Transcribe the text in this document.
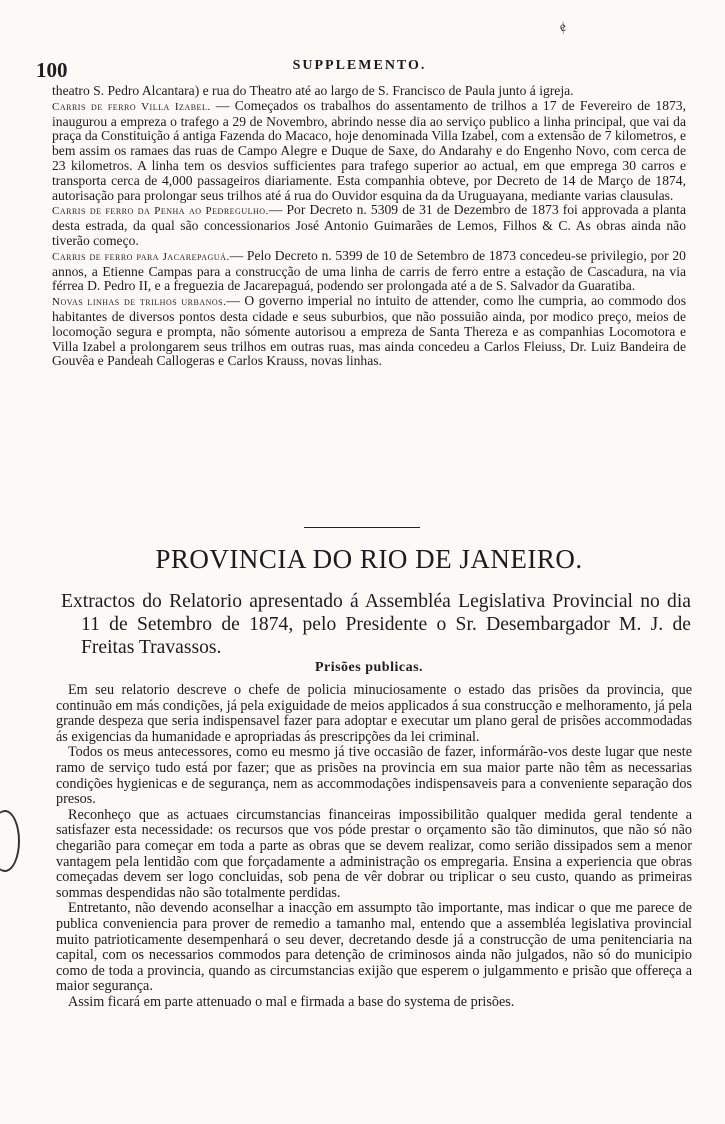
ɇ
100	SUPPLEMENTO.

theatro S. Pedro Alcantara) e rua do Theatro até ao largo de S. Francisco de Paula junto á igreja.

Carris de ferro Villa Izabel. — Começados os trabalhos do assentamento de trilhos a 17 de Fevereiro de 1873, inaugurou a empreza o trafego a 29 de Novembro, abrindo nesse dia ao serviço publico a linha principal, que vai da praça da Constituição á antiga Fazenda do Macaco, hoje denominada Villa Izabel, com a extensão de 7 kilometros, e bem assim os ramaes das ruas de Campo Alegre e Duque de Saxe, do Andarahy e do Engenho Novo, com cerca de 23 kilometros. A linha tem os desvios sufficientes para trafego superior ao actual, em que emprega 30 carros e transporta cerca de 4,000 passageiros diariamente. Esta companhia obteve, por Decreto de 14 de Março de 1874, autorisação para prolongar seus trilhos até á rua do Ouvidor esquina da da Uruguayana, mediante varias clausulas.

Carris de ferro da Penha ao Pedregulho.— Por Decreto n. 5309 de 31 de Dezembro de 1873 foi approvada a planta desta estrada, da qual são concessionarios José Antonio Guimarães de Lemos, Filhos & C. As obras ainda não tiverão começo.

Carris de ferro para Jacarepaguá.— Pelo Decreto n. 5399 de 10 de Setembro de 1873 concedeu-se privilegio, por 20 annos, a Etienne Campas para a construcção de uma linha de carris de ferro entre a estação de Cascadura, na via férrea D. Pedro II, e a freguezia de Jacarepaguá, podendo ser prolongada até a de S. Salvador da Guaratiba.

Novas linhas de trilhos urbanos.— O governo imperial no intuito de attender, como lhe cumpria, ao commodo dos habitantes de diversos pontos desta cidade e seus suburbios, que não possuião ainda, por modico preço, meios de locomoção segura e prompta, não sómente autorisou a empreza de Santa Thereza e as companhias Locomotora e Villa Izabel a prolongarem seus trilhos em outras ruas, mas ainda concedeu a Carlos Fleiuss, Dr. Luiz Bandeira de Gouvêa e Pandeah Callogeras e Carlos Krauss, novas linhas.

PROVINCIA DO RIO DE JANEIRO.
Extractos do Relatorio apresentado á Assembléa Legislativa Provincial no dia 11 de Setembro de 1874, pelo Presidente o Sr. Desembargador M. J. de Freitas Travassos.
Prisões publicas.

Em seu relatorio descreve o chefe de policia minuciosamente o estado das prisões da provincia, que continuão em más condições, já pela exiguidade de meios applicados á sua construcção e melhoramento, já pela grande despeza que seria indispensavel fazer para adoptar e executar um plano geral de prisões accommodadas ás exigencias da humanidade e apropriadas ás prescripções da lei criminal.

Todos os meus antecessores, como eu mesmo já tive occasião de fazer, informárão-vos deste lugar que neste ramo de serviço tudo está por fazer; que as prisões na provincia em sua maior parte não têm as necessarias condições hygienicas e de segurança, nem as accommodações indispensaveis para a conveniente separação dos presos.

Reconheço que as actuaes circumstancias financeiras impossibilitão qualquer medida geral tendente a satisfazer esta necessidade: os recursos que vos póde prestar o orçamento são tão diminutos, que não só não chegarião para começar em toda a parte as obras que se devem realizar, como serião dissipados sem a menor vantagem pela lentidão com que forçadamente a administração os empregaria. Ensina a experiencia que obras começadas devem ser logo concluidas, sob pena de vêr dobrar ou triplicar o seu custo, quando as primeiras sommas despendidas não são totalmente perdidas.

Entretanto, não devendo aconselhar a inacção em assumpto tão importante, mas indicar o que me parece de publica conveniencia para prover de remedio a tamanho mal, entendo que a assembléa legislativa provincial muito patrioticamente desempenhará o seu dever, decretando desde já a construcção de uma penitenciaria na capital, com os necessarios commodos para detenção de criminosos ainda não julgados, não só do municipio como de toda a provincia, quando as circumstancias exijão que esperem o julgammento e prisão que offereça a maior segurança.

Assim ficará em parte attenuado o mal e firmada a base do systema de prisões.
